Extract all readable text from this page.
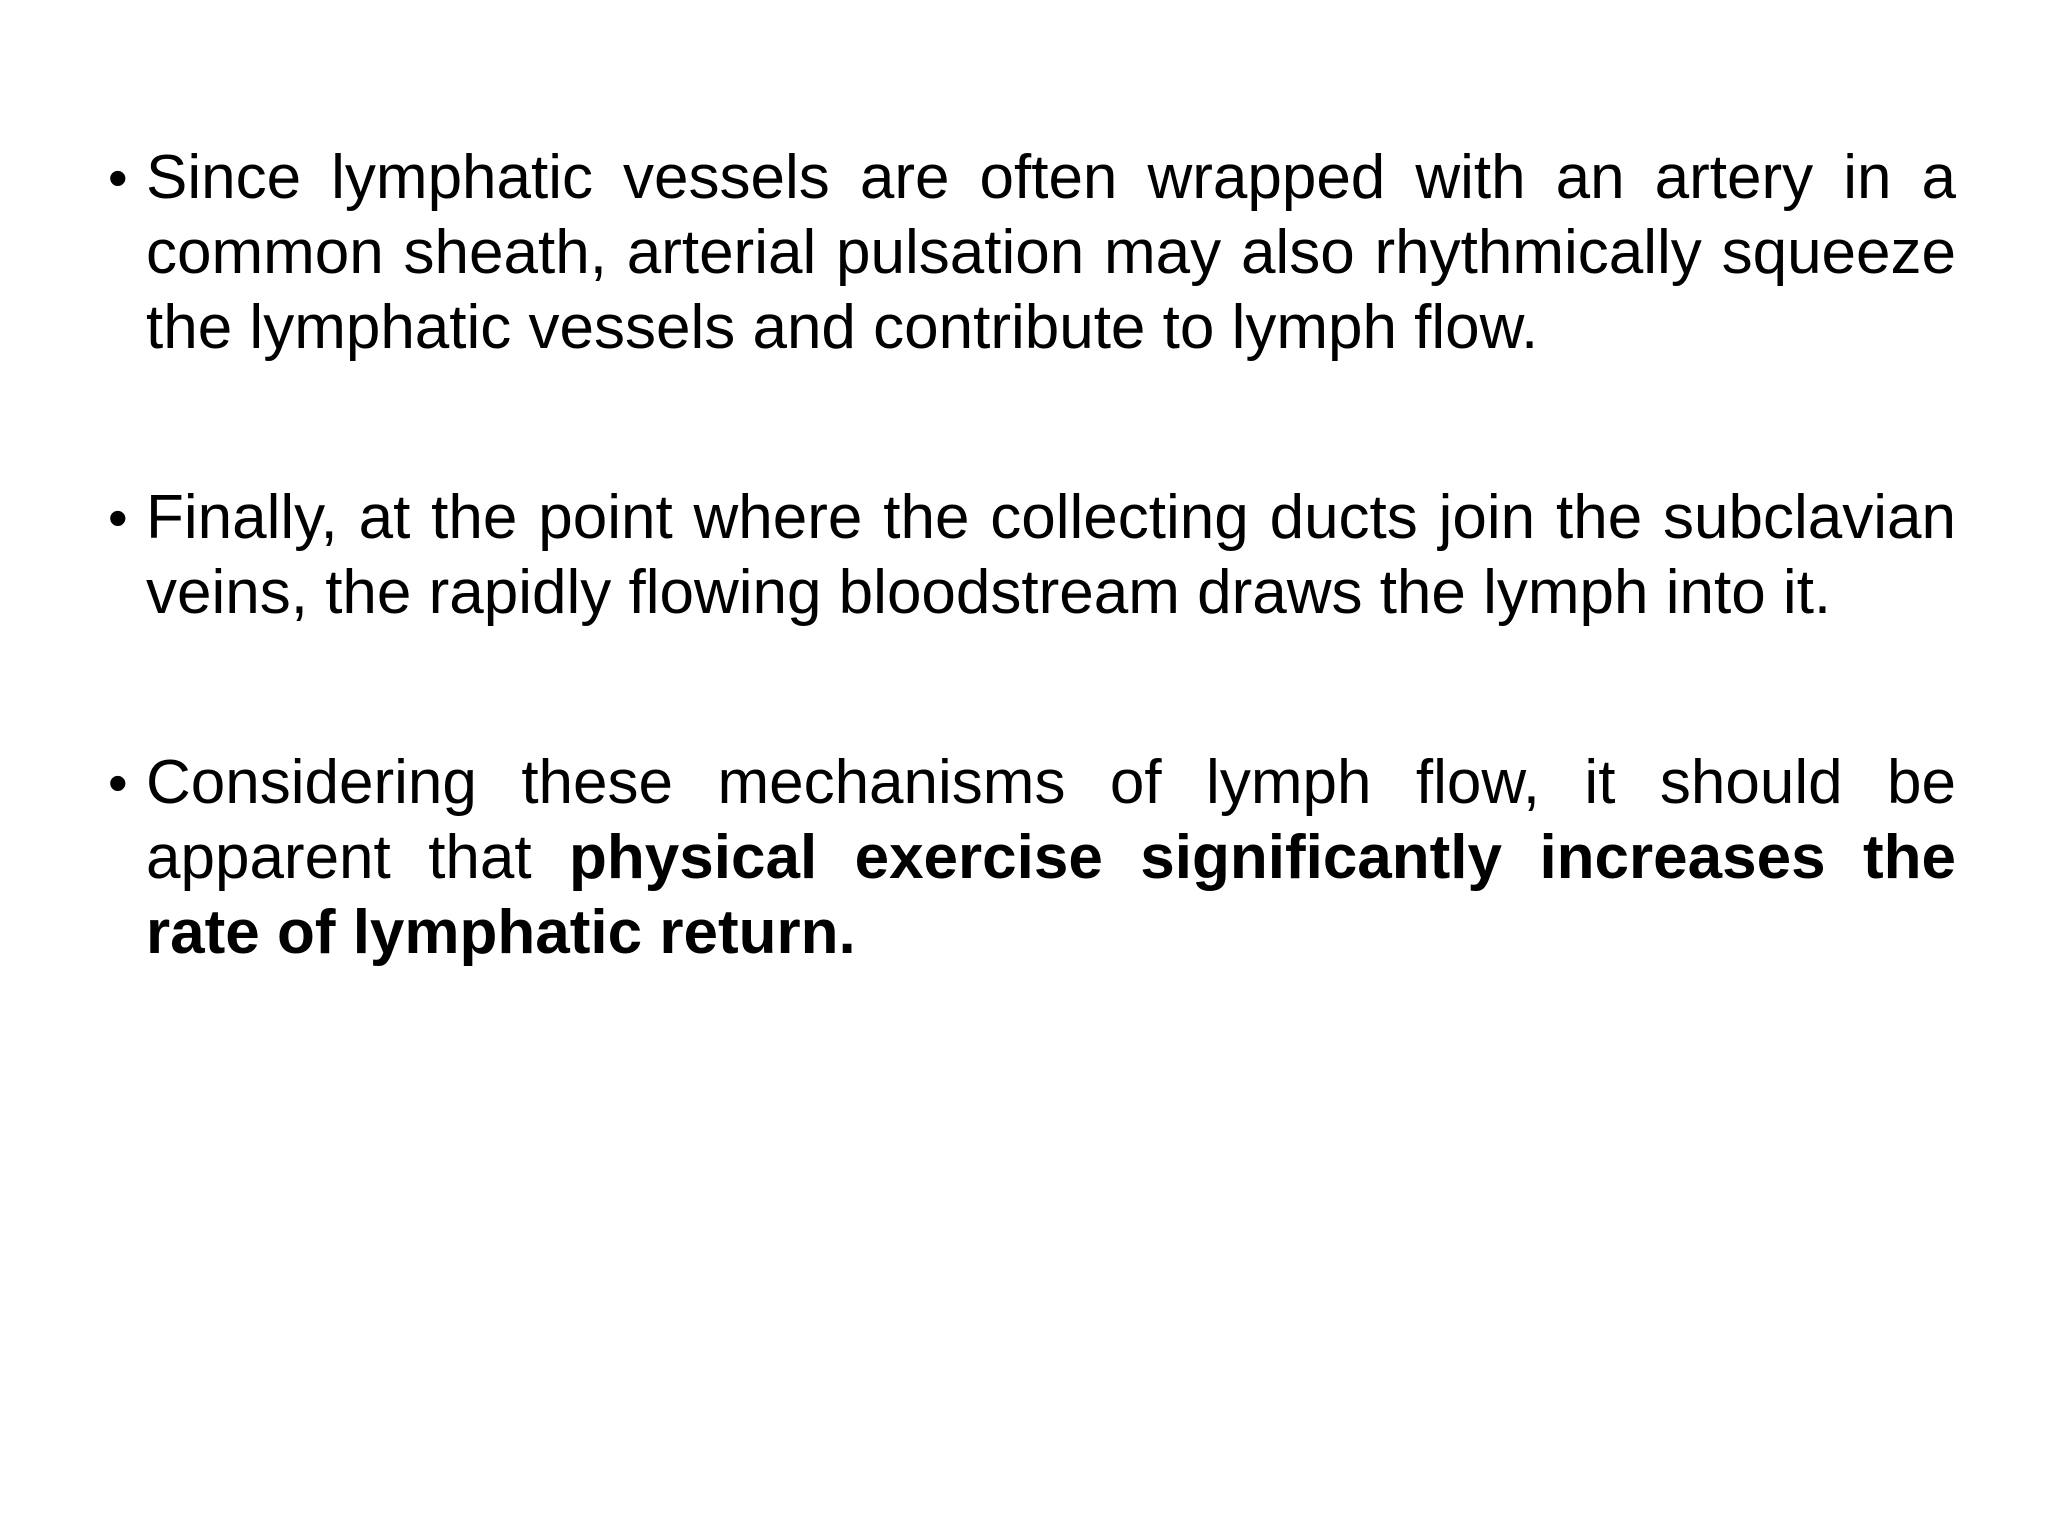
• Since lymphatic vessels are often wrapped with an artery in a common sheath, arterial pulsation may also rhythmically squeeze the lymphatic vessels and contribute to lymph flow.
• Finally, at the point where the collecting ducts join the subclavian veins, the rapidly flowing bloodstream draws the lymph into it.
• Considering these mechanisms of lymph flow, it should be apparent that physical exercise significantly increases the rate of lymphatic return.
